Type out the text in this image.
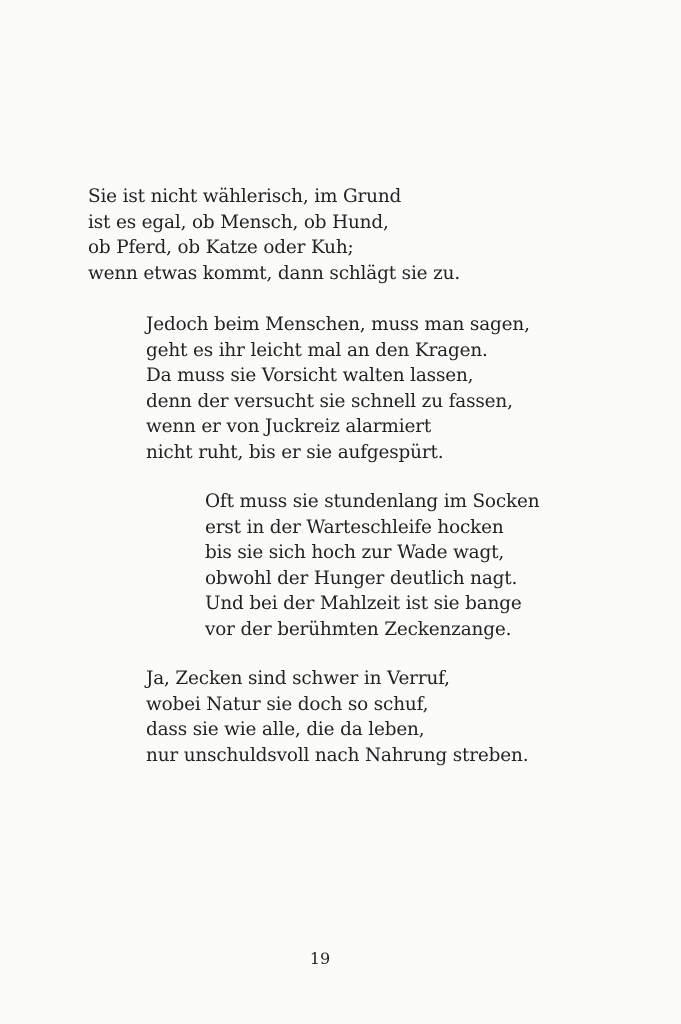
Sie ist nicht wählerisch, im Grund
ist es egal, ob Mensch, ob Hund,
ob Pferd, ob Katze oder Kuh;
wenn etwas kommt, dann schlägt sie zu.
Jedoch beim Menschen, muss man sagen,
geht es ihr leicht mal an den Kragen.
Da muss sie Vorsicht walten lassen,
denn der versucht sie schnell zu fassen,
wenn er von Juckreiz alarmiert
nicht ruht, bis er sie aufgespürt.
Oft muss sie stundenlang im Socken
erst in der Warteschleife hocken
bis sie sich hoch zur Wade wagt,
obwohl der Hunger deutlich nagt.
Und bei der Mahlzeit ist sie bange
vor der berühmten Zeckenzange.
Ja, Zecken sind schwer in Verruf,
wobei Natur sie doch so schuf,
dass sie wie alle, die da leben,
nur unschuldsvoll nach Nahrung streben.
19
